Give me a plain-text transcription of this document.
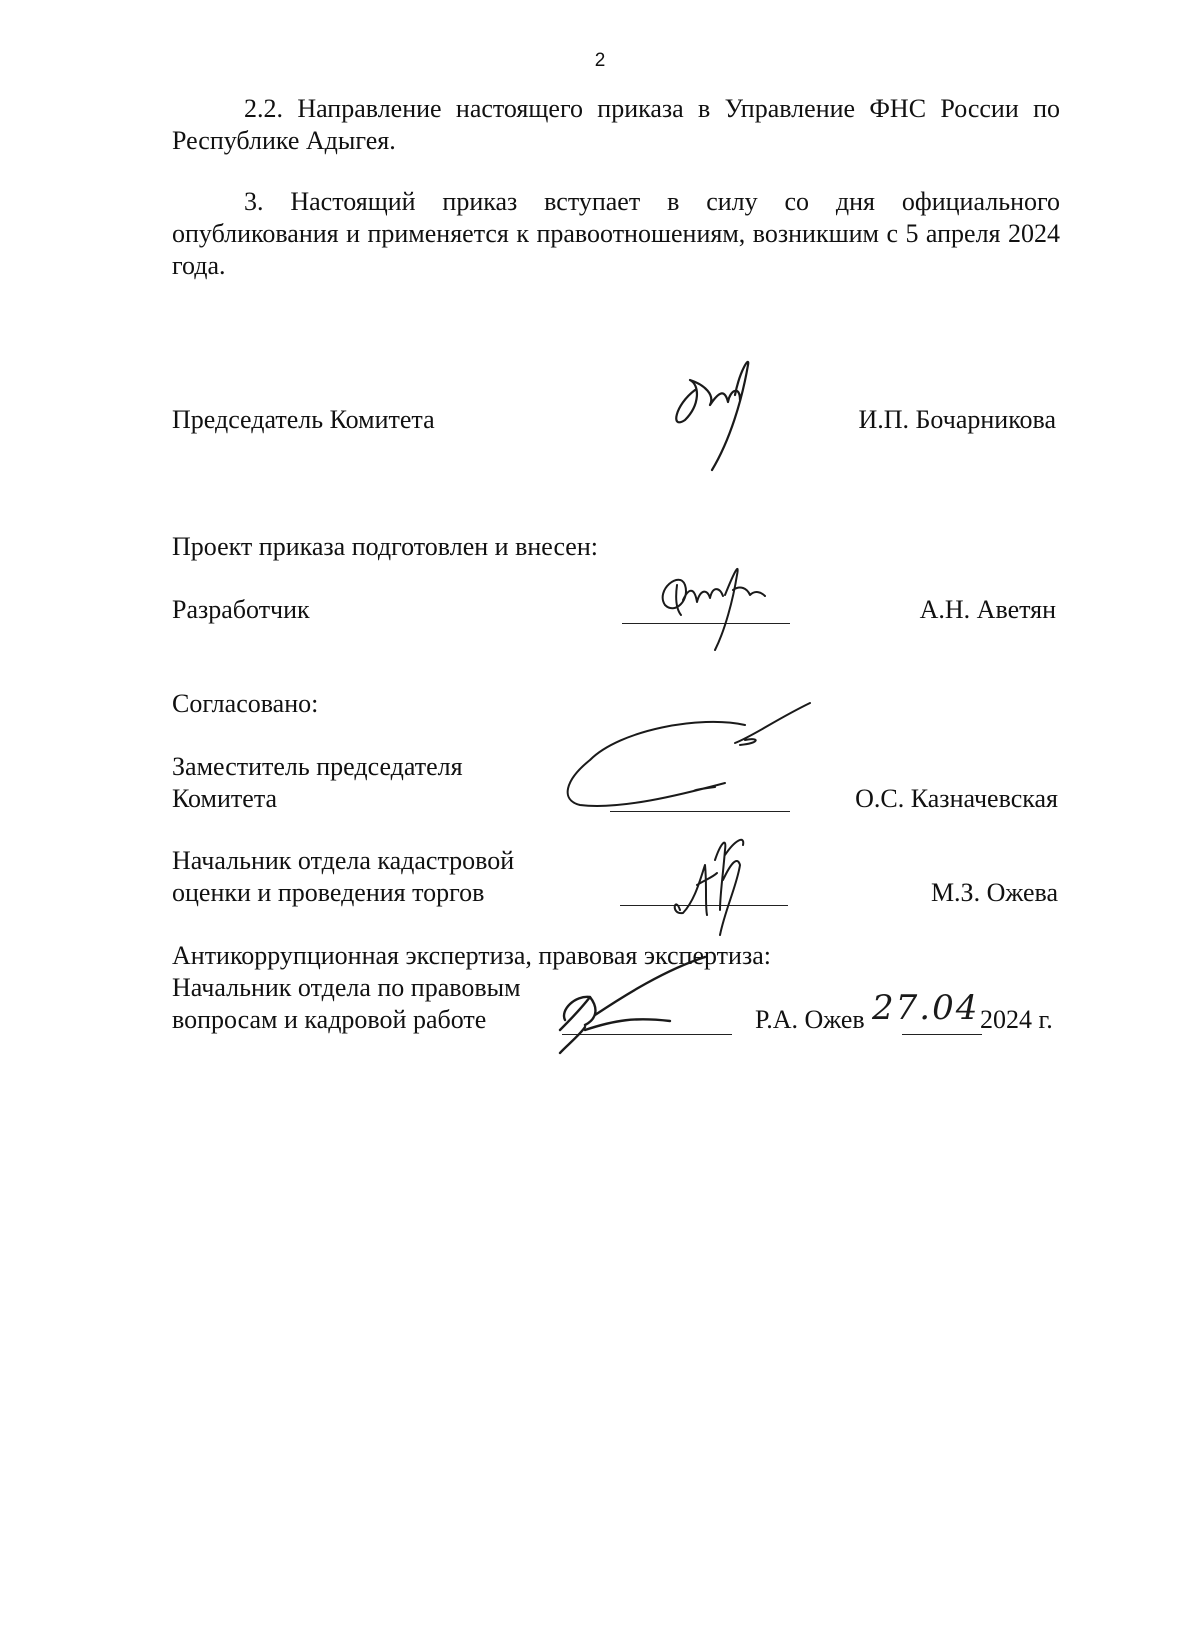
2

2.2. Направление настоящего приказа в Управление ФНС России по Республике Адыгея.

3. Настоящий приказ вступает в силу со дня официального опубликования и применяется к правоотношениям, возникшим с 5 апреля 2024 года.

Председатель Комитета	И.П. Бочарникова
Проект приказа подготовлен и внесен:
Разработчик	А.Н. Аветян
Согласовано:
Заместитель председателя
Комитета	О.С. Казначевская
Начальник отдела кадастровой
оценки и проведения торгов	М.З. Ожева
Антикоррупционная экспертиза, правовая экспертиза:
Начальник отдела по правовым
вопросам и кадровой работе	Р.А. Ожев 27.04 2024 г.
